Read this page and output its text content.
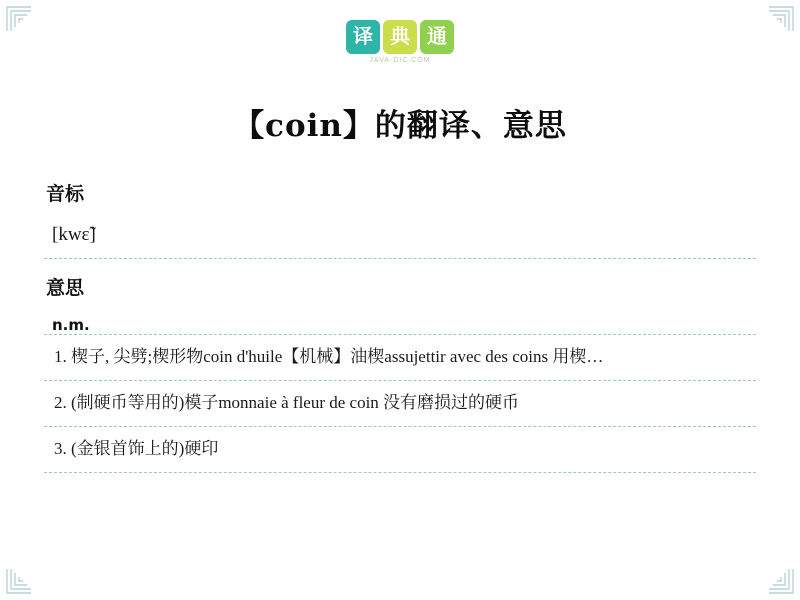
译 典 通
JAVA-DIC.COM
【coin】的翻译、意思
音标
[kwɛ̃]
意思
n.m.
1. 楔子, 尖劈;楔形物coin d'huile【机械】油楔assujettir avec des coins 用楔…
2. (制硬币等用的)模子monnaie à fleur de coin 没有磨损过的硬币
3. (金银首饰上的)硬印
